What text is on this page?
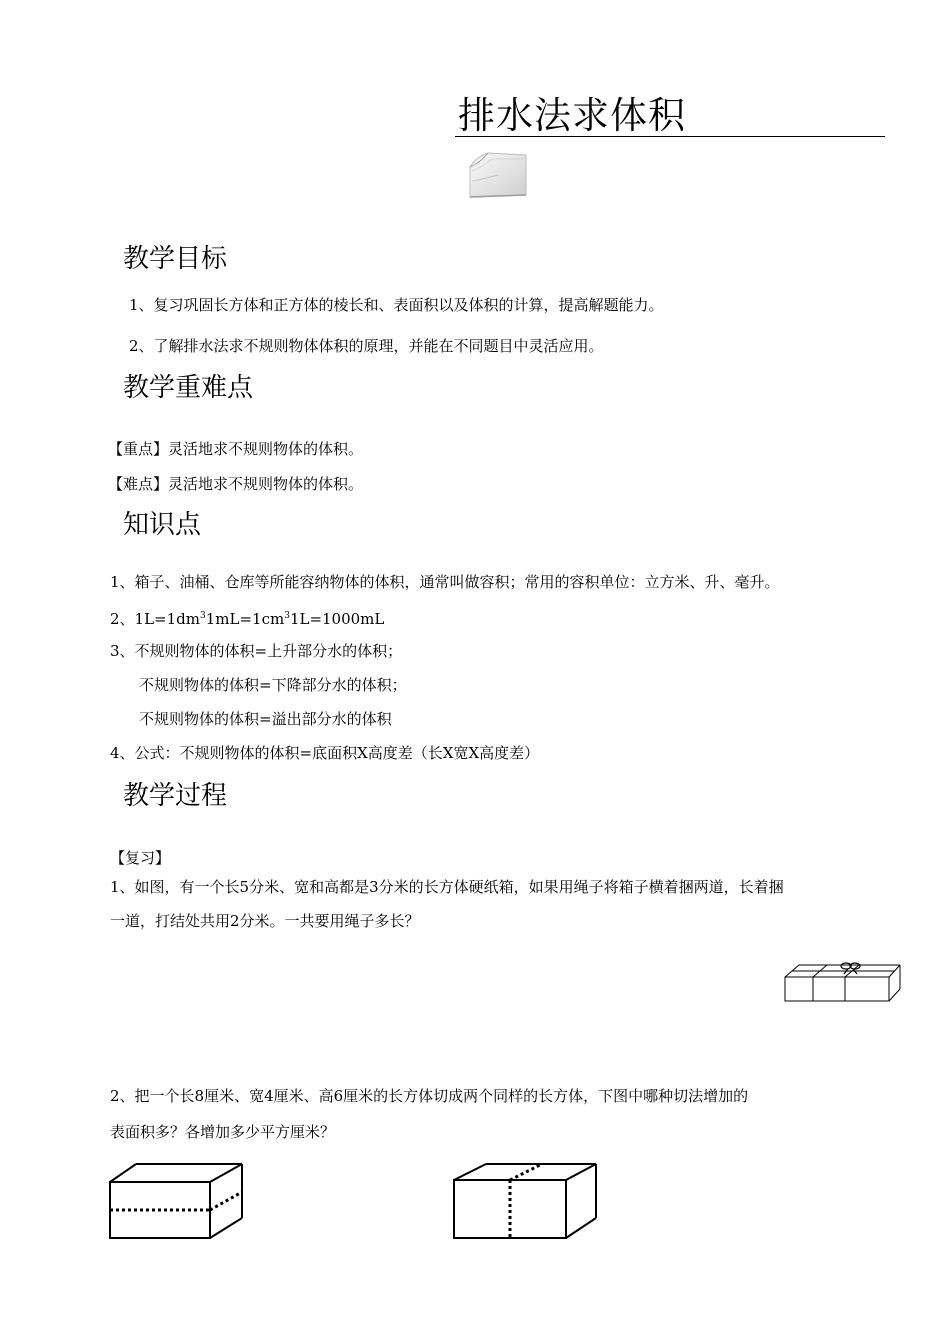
排水法求体积
教学目标
1、复习巩固长方体和正方体的棱长和、表面积以及体积的计算，提高解题能力。
2、了解排水法求不规则物体体积的原理，并能在不同题目中灵活应用。
教学重难点
【重点】灵活地求不规则物体的体积。
【难点】灵活地求不规则物体的体积。
知识点
1、箱子、油桶、仓库等所能容纳物体的体积，通常叫做容积；常用的容积单位：立方米、升、毫升。
2、$1L=1dm^31mL=1cm^31L=1000mL$
3、不规则物体的体积=上升部分水的体积；
不规则物体的体积=下降部分水的体积；
不规则物体的体积=溢出部分水的体积
4、公式：不规则物体的体积=底面积X高度差（长X宽X高度差）
教学过程
【复习】
1、如图，有一个长5分米、宽和高都是3分米的长方体硬纸箱，如果用绳子将箱子横着捆两道，长着捆
一道，打结处共用2分米。一共要用绳子多长？
2、把一个长8厘米、宽4厘米、高6厘米的长方体切成两个同样的长方体，下图中哪种切法增加的
表面积多？各增加多少平方厘米？
